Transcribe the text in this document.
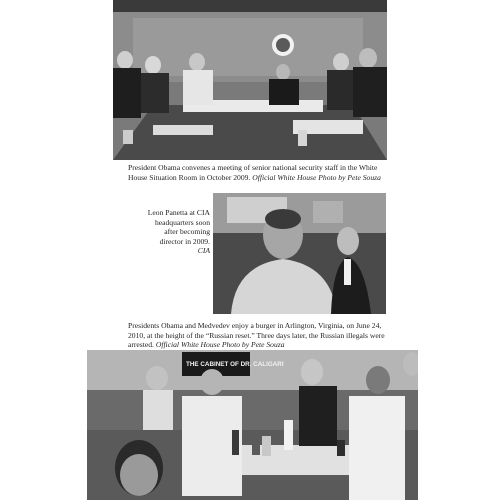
President Obama convenes a meeting of senior national security staff in the White House Situation Room in October 2009. Official White House Photo by Pete Souza
Leon Panetta at CIA headquarters soon after becoming director in 2009. CIA
Presidents Obama and Medvedev enjoy a burger in Arlington, Virginia, on June 24, 2010, at the height of the “Russian reset.” Three days later, the Russian illegals were arrested. Official White House Photo by Pete Souza
THE CABINET OF DR. CALIGARI
